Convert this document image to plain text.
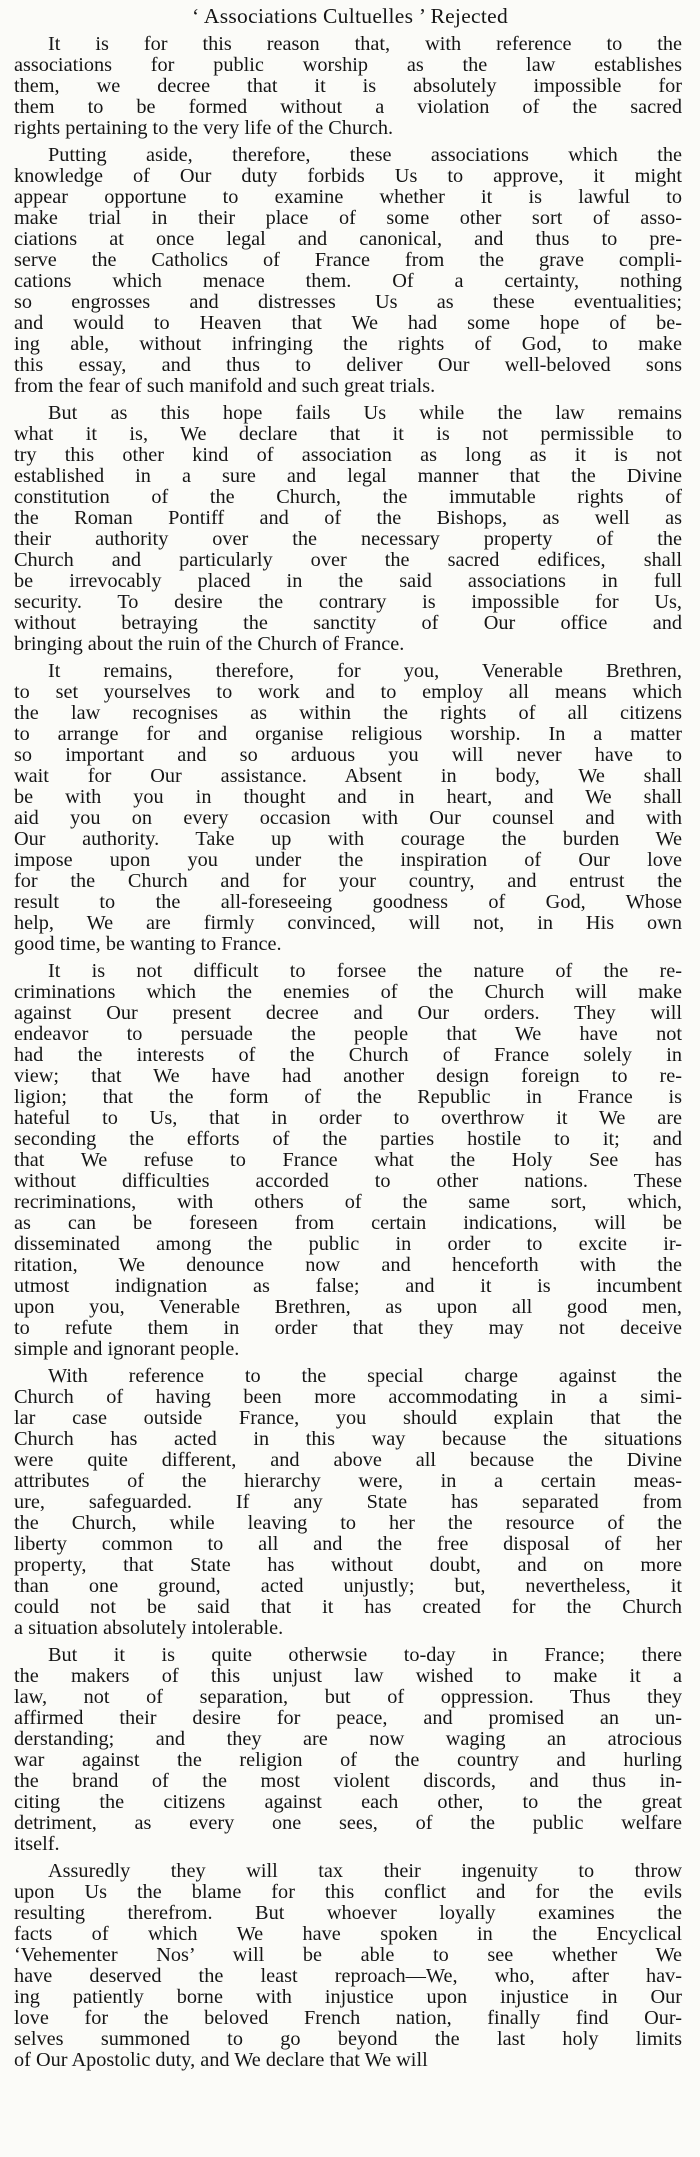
‘ Associations Cultuelles ’ Rejected
It is for this reason that, with reference to the
associations for public worship as the law establishes
them, we decree that it is absolutely impossible for
them to be formed without a violation of the sacred
rights pertaining to the very life of the Church.
Putting aside, therefore, these associations which the
knowledge of Our duty forbids Us to approve, it might
appear opportune to examine whether it is lawful to
make trial in their place of some other sort of asso-
ciations at once legal and canonical, and thus to pre-
serve the Catholics of France from the grave compli-
cations which menace them. Of a certainty, nothing
so engrosses and distresses Us as these eventualities;
and would to Heaven that We had some hope of be-
ing able, without infringing the rights of God, to make
this essay, and thus to deliver Our well-beloved sons
from the fear of such manifold and such great trials.
But as this hope fails Us while the law remains
what it is, We declare that it is not permissible to
try this other kind of association as long as it is not
established in a sure and legal manner that the Divine
constitution of the Church, the immutable rights of
the Roman Pontiff and of the Bishops, as well as
their authority over the necessary property of the
Church and particularly over the sacred edifices, shall
be irrevocably placed in the said associations in full
security. To desire the contrary is impossible for Us,
without betraying the sanctity of Our office and
bringing about the ruin of the Church of France.
It remains, therefore, for you, Venerable Brethren,
to set yourselves to work and to employ all means which
the law recognises as within the rights of all citizens
to arrange for and organise religious worship. In a matter
so important and so arduous you will never have to
wait for Our assistance. Absent in body, We shall
be with you in thought and in heart, and We shall
aid you on every occasion with Our counsel and with
Our authority. Take up with courage the burden We
impose upon you under the inspiration of Our love
for the Church and for your country, and entrust the
result to the all-foreseeing goodness of God, Whose
help, We are firmly convinced, will not, in His own
good time, be wanting to France.
It is not difficult to forsee the nature of the re-
criminations which the enemies of the Church will make
against Our present decree and Our orders. They will
endeavor to persuade the people that We have not
had the interests of the Church of France solely in
view; that We have had another design foreign to re-
ligion; that the form of the Republic in France is
hateful to Us, that in order to overthrow it We are
seconding the efforts of the parties hostile to it; and
that We refuse to France what the Holy See has
without difficulties accorded to other nations. These
recriminations, with others of the same sort, which,
as can be foreseen from certain indications, will be
disseminated among the public in order to excite ir-
ritation, We denounce now and henceforth with the
utmost indignation as false; and it is incumbent
upon you, Venerable Brethren, as upon all good men,
to refute them in order that they may not deceive
simple and ignorant people.
With reference to the special charge against the
Church of having been more accommodating in a simi-
lar case outside France, you should explain that the
Church has acted in this way because the situations
were quite different, and above all because the Divine
attributes of the hierarchy were, in a certain meas-
ure, safeguarded. If any State has separated from
the Church, while leaving to her the resource of the
liberty common to all and the free disposal of her
property, that State has without doubt, and on more
than one ground, acted unjustly; but, nevertheless, it
could not be said that it has created for the Church
a situation absolutely intolerable.
But it is quite otherwsie to-day in France; there
the makers of this unjust law wished to make it a
law, not of separation, but of oppression. Thus they
affirmed their desire for peace, and promised an un-
derstanding; and they are now waging an atrocious
war against the religion of the country and hurling
the brand of the most violent discords, and thus in-
citing the citizens against each other, to the great
detriment, as every one sees, of the public welfare
itself.
Assuredly they will tax their ingenuity to throw
upon Us the blame for this conflict and for the evils
resulting therefrom. But whoever loyally examines the
facts of which We have spoken in the Encyclical
‘Vehementer Nos’ will be able to see whether We
have deserved the least reproach—We, who, after hav-
ing patiently borne with injustice upon injustice in Our
love for the beloved French nation, finally find Our-
selves summoned to go beyond the last holy limits
of Our Apostolic duty, and We declare that We will
